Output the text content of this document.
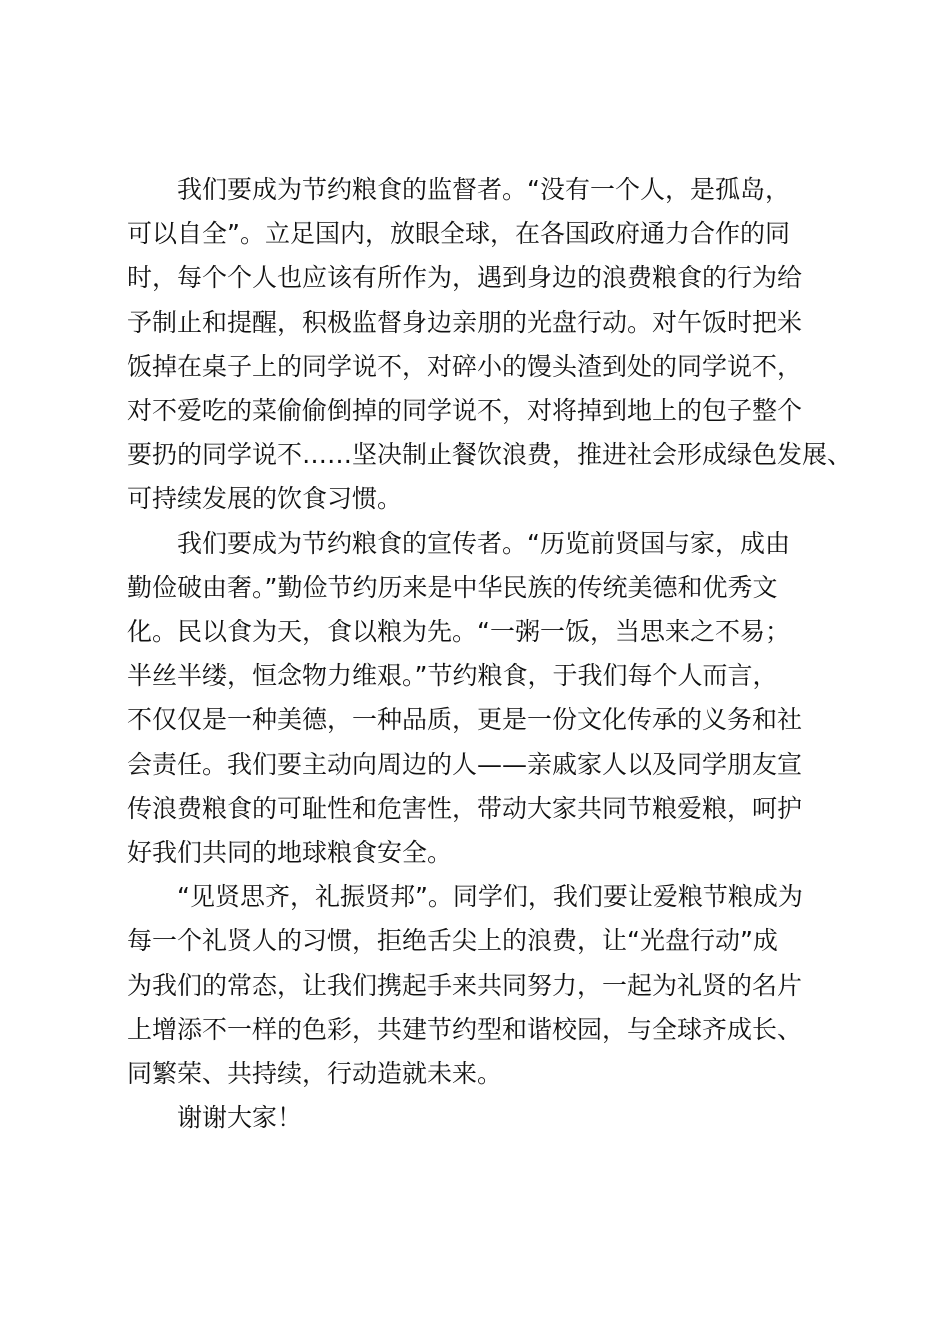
我们要成为节约粮食的监督者。“没有一个人，是孤岛，
可以自全”。立足国内，放眼全球，在各国政府通力合作的同
时，每个个人也应该有所作为，遇到身边的浪费粮食的行为给
予制止和提醒，积极监督身边亲朋的光盘行动。对午饭时把米
饭掉在桌子上的同学说不，对碎小的馒头渣到处的同学说不，
对不爱吃的菜偷偷倒掉的同学说不，对将掉到地上的包子整个
要扔的同学说不……坚决制止餐饮浪费，推进社会形成绿色发展、
可持续发展的饮食习惯。
我们要成为节约粮食的宣传者。“历览前贤国与家，成由
勤俭破由奢。”勤俭节约历来是中华民族的传统美德和优秀文
化。民以食为天，食以粮为先。“一粥一饭，当思来之不易；
半丝半缕，恒念物力维艰。”节约粮食，于我们每个人而言，
不仅仅是一种美德，一种品质，更是一份文化传承的义务和社
会责任。我们要主动向周边的人——亲戚家人以及同学朋友宣
传浪费粮食的可耻性和危害性，带动大家共同节粮爱粮，呵护
好我们共同的地球粮食安全。
“见贤思齐，礼振贤邦”。同学们，我们要让爱粮节粮成为
每一个礼贤人的习惯，拒绝舌尖上的浪费，让“光盘行动”成
为我们的常态，让我们携起手来共同努力，一起为礼贤的名片
上增添不一样的色彩，共建节约型和谐校园，与全球齐成长、
同繁荣、共持续，行动造就未来。
谢谢大家！
